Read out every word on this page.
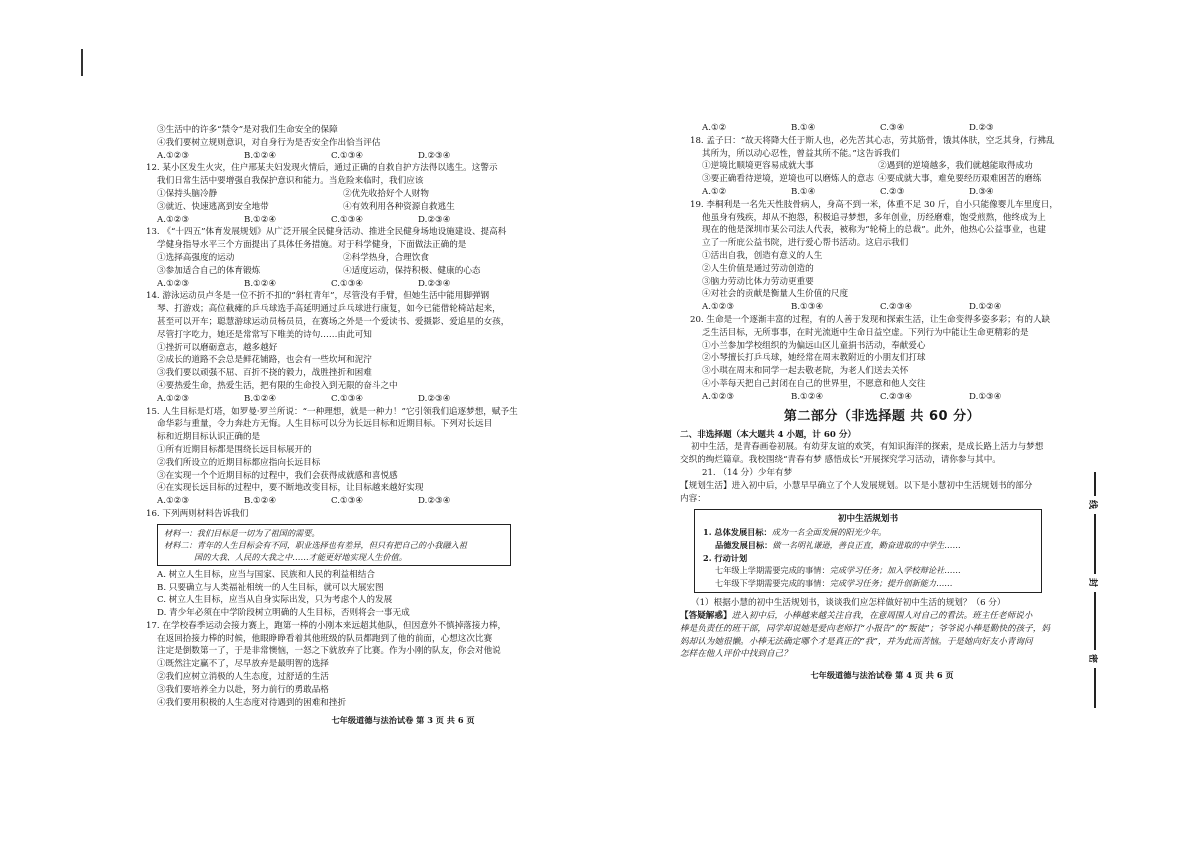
③生活中的许多“禁令”是对我们生命安全的保障
④我们要树立规则意识，对自身行为是否安全作出恰当评估
A.①②③	B.①②④	C.①③④	D.②③④
12. 某小区发生火灾，住户邢某夫妇发现火情后，通过正确的自救自护方法得以逃生。这警示
我们日常生活中要增强自我保护意识和能力。当危险来临时，我们应该
①保持头脑冷静	②优先收拾好个人财物
③就近、快速逃离到安全地带	④有效利用各种资源自救逃生
A.①②③	B.①②④	C.①③④	D.②③④
13. 《“十四五”体育发展规划》从广泛开展全民健身活动、推进全民健身场地设施建设、提高科
学健身指导水平三个方面提出了具体任务措施。对于科学健身，下面做法正确的是
①选择高强度的运动	②科学热身，合理饮食
③参加适合自己的体育锻炼	④适度运动，保持积极、健康的心态
A.①②③	B.①②④	C.①③④	D.②③④
14. 游泳运动员卢冬是一位不折不扣的“斜杠青年”，尽管没有手臂，但她生活中能用脚弹钢
琴、打游戏；高位截瘫的乒乓球选手高延明通过乒乓球进行康复，如今已能借轮椅站起来，
甚至可以开车；聪慧游球运动员杨员员，在赛场之外是一个爱读书、爱摄影、爱追星的女孩，
尽管打字吃力，她还是常常写下唯美的诗句……由此可知
①挫折可以磨砺意志，越多越好
②成长的道路不会总是鲜花铺路，也会有一些坎坷和泥泞
③我们要以顽强不屈、百折不挠的毅力，战胜挫折和困难
④要热爱生命，热爱生活，把有限的生命投入到无限的奋斗之中
A.①②③	B.①②④	C.①③④	D.②③④
15. 人生目标是灯塔，如罗曼·罗兰所说：“一种理想，就是一种力！”它引领我们追逐梦想，赋予生
命华彩与重量，令力奔赴方无悔。人生目标可以分为长远目标和近期目标。下列对长远目
标和近期目标认识正确的是
①所有近期目标都是围绕长远目标展开的
②我们所设立的近期目标都应指向长远目标
③在实现一个个近期目标的过程中，我们会获得成就感和喜悦感
④在实现长远目标的过程中，要不断地改变目标，让目标越来越好实现
A.①②③	B.①②④	C.①③④	D.②③④
16. 下列两则材料告诉我们
材料一：我们目标是一切为了祖国的需要。
材料二：青年的人生目标会有不同，职业选择也有差异，但只有把自己的小我融入祖
国的大我、人民的大我之中……才能更好地实现人生价值。
A. 树立人生目标，应当与国家、民族和人民的利益相结合
B. 只要确立与人类福祉相统一的人生目标，就可以大展宏图
C. 树立人生目标，应当从自身实际出发，只为考虑个人的发展
D. 青少年必须在中学阶段树立明确的人生目标，否则将会一事无成
17. 在学校春季运动会接力赛上，跑第一棒的小刚本来远超其他队，但因意外不慎掉落接力棒，
在返回拾接力棒的时候，他眼睁睁看着其他班级的队员都跑到了他的前面，心想这次比赛
注定是倒数第一了，于是非常懊恼，一怒之下就放弃了比赛。作为小刚的队友，你会对他说
①既然注定赢不了，尽早放弃是最明智的选择
②我们应树立消极的人生态度，过舒适的生活
③我们要培养全力以赴，努力前行的勇敢品格
④我们要用积极的人生态度对待遇到的困难和挫折
七年级道德与法治试卷 第 3 页 共 6 页
A.①②	B.①④	C.③④	D.②③
18. 孟子曰：“故天将降大任于斯人也，必先苦其心志，劳其筋骨，饿其体肤，空乏其身，行拂乱
其所为，所以动心忍性，曾益其所不能。”这告诉我们
①逆境比顺境更容易成就大事	②遇到的逆境越多，我们就越能取得成功
③要正确看待逆境，逆境也可以磨炼人的意志 ④要成就大事，难免要经历艰难困苦的磨练
A.①②	B.①④	C.②③	D.③④
19. 李桐利是一名先天性肢骨病人，身高不到一米，体重不足 30 斤，自小只能像婴儿车里度日，
他虽身有残疾，却从不抱怨，积极追寻梦想，多年创业，历经磨难，饱受煎熬，他终成为上
现在的他是深圳市某公司法人代表，被称为“轮椅上的总裁”。此外，他热心公益事业，也建
立了一所庇公益书院，进行爱心帮书活动。这启示我们
①活出自我，创造有意义的人生
②人生价值是通过劳动创造的
③脑力劳动比体力劳动更重要
④对社会的贡献是衡量人生价值的尺度
A.①②③	B.①③④	C.②③④	D.①②④
20. 生命是一个逐渐丰富的过程，有的人善于发现和探索生活，让生命变得多姿多彩；有的人缺
乏生活目标，无所事事，在时光流逝中生命日益空虚。下列行为中能让生命更精彩的是
①小兰参加学校组织的为偏远山区儿童捐书活动，奉献爱心
②小琴擅长打乒乓球，她经常在周末教附近的小朋友们打球
③小琪在周末和同学一起去敬老院，为老人们送去关怀
④小莘每天把自己封闭在自己的世界里，不愿意和他人交往
A.①②③	B.①②④	C.②③④	D.①③④
第二部分（非选择题 共 60 分）
二、非选择题（本大题共 4 小题，计 60 分）
初中生活，是青春画卷初展。有幼芽友谊的欢笑，有知识海洋的探索，是成长路上活力与梦想
交织的绚烂篇章。我校围绕“青春有梦 感悟成长”开展探究学习活动，请你参与其中。
21. （14 分）少年有梦
【规划生活】进入初中后，小慧早早确立了个人发展规划。以下是小慧初中生活规划书的部分
内容：
初中生活规划书
1. 总体发展目标：成为一名全面发展的阳光少年。
品德发展目标：做一名明礼谦逊，善良正直，勤奋进取的中学生……
2. 行动计划
七年级上学期需要完成的事情：完成学习任务；加入学校辩论社……
七年级下学期需要完成的事情：完成学习任务；提升创新能力……
（1）根据小慧的初中生活规划书，谈谈我们应怎样做好初中生活的规划？（6 分）
【答疑解惑】进入初中后，小棒越来越关注自我，在意周围人对自己的看法。班主任老师说小
棒是负责任的班干部，同学却说她是爱向老师打“小报告”的“叛徒”；爷爷说小棒是勤快的孩子，妈
妈却认为她很懒。小棒无法确定哪个才是真正的“我”，并为此而苦恼。于是她向好友小青询问
怎样在他人评价中找到自己？
七年级道德与法治试卷 第 4 页 共 6 页
线
封
密
